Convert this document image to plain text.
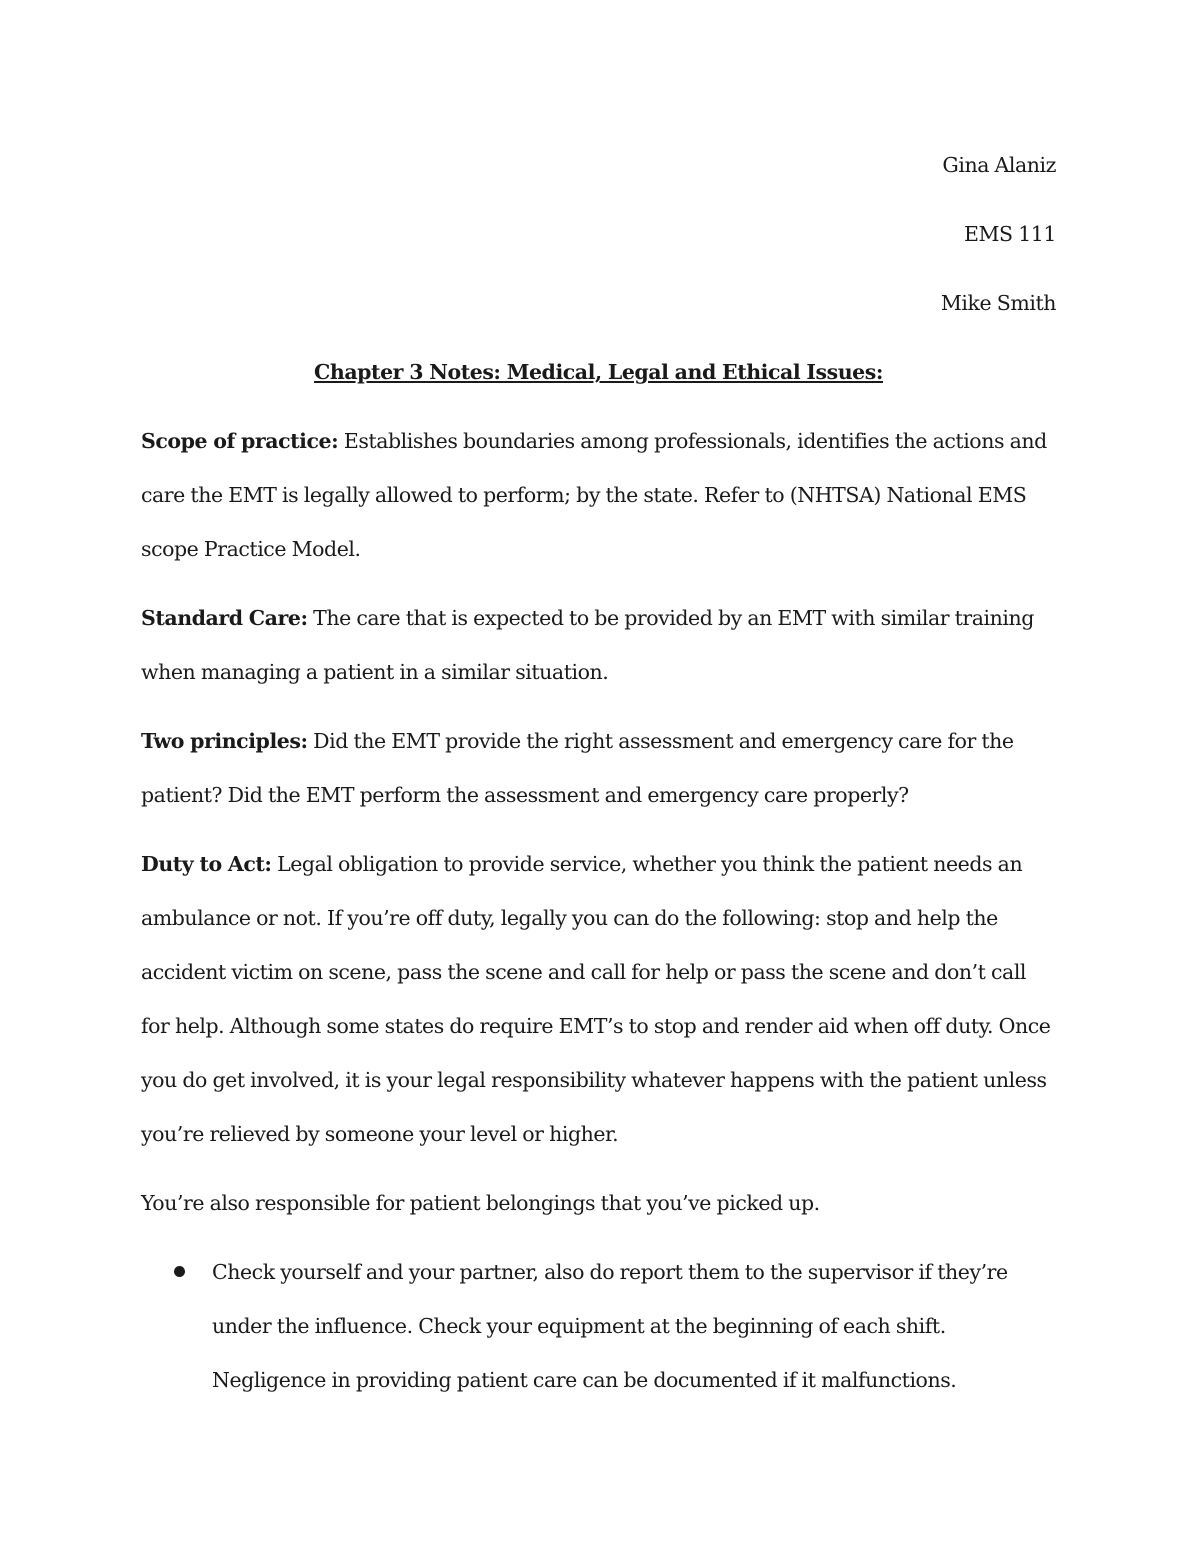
Gina Alaniz
EMS 111
Mike Smith
Chapter 3 Notes: Medical, Legal and Ethical Issues:

Scope of practice: Establishes boundaries among professionals, identifies the actions and care the EMT is legally allowed to perform; by the state. Refer to (NHTSA) National EMS scope Practice Model.

Standard Care: The care that is expected to be provided by an EMT with similar training when managing a patient in a similar situation.

Two principles: Did the EMT provide the right assessment and emergency care for the patient? Did the EMT perform the assessment and emergency care properly?

Duty to Act: Legal obligation to provide service, whether you think the patient needs an ambulance or not. If you’re off duty, legally you can do the following: stop and help the accident victim on scene, pass the scene and call for help or pass the scene and don’t call for help. Although some states do require EMT’s to stop and render aid when off duty. Once you do get involved, it is your legal responsibility whatever happens with the patient unless you’re relieved by someone your level or higher.

You’re also responsible for patient belongings that you’ve picked up.

Check yourself and your partner, also do report them to the supervisor if they’re under the influence. Check your equipment at the beginning of each shift. Negligence in providing patient care can be documented if it malfunctions.
